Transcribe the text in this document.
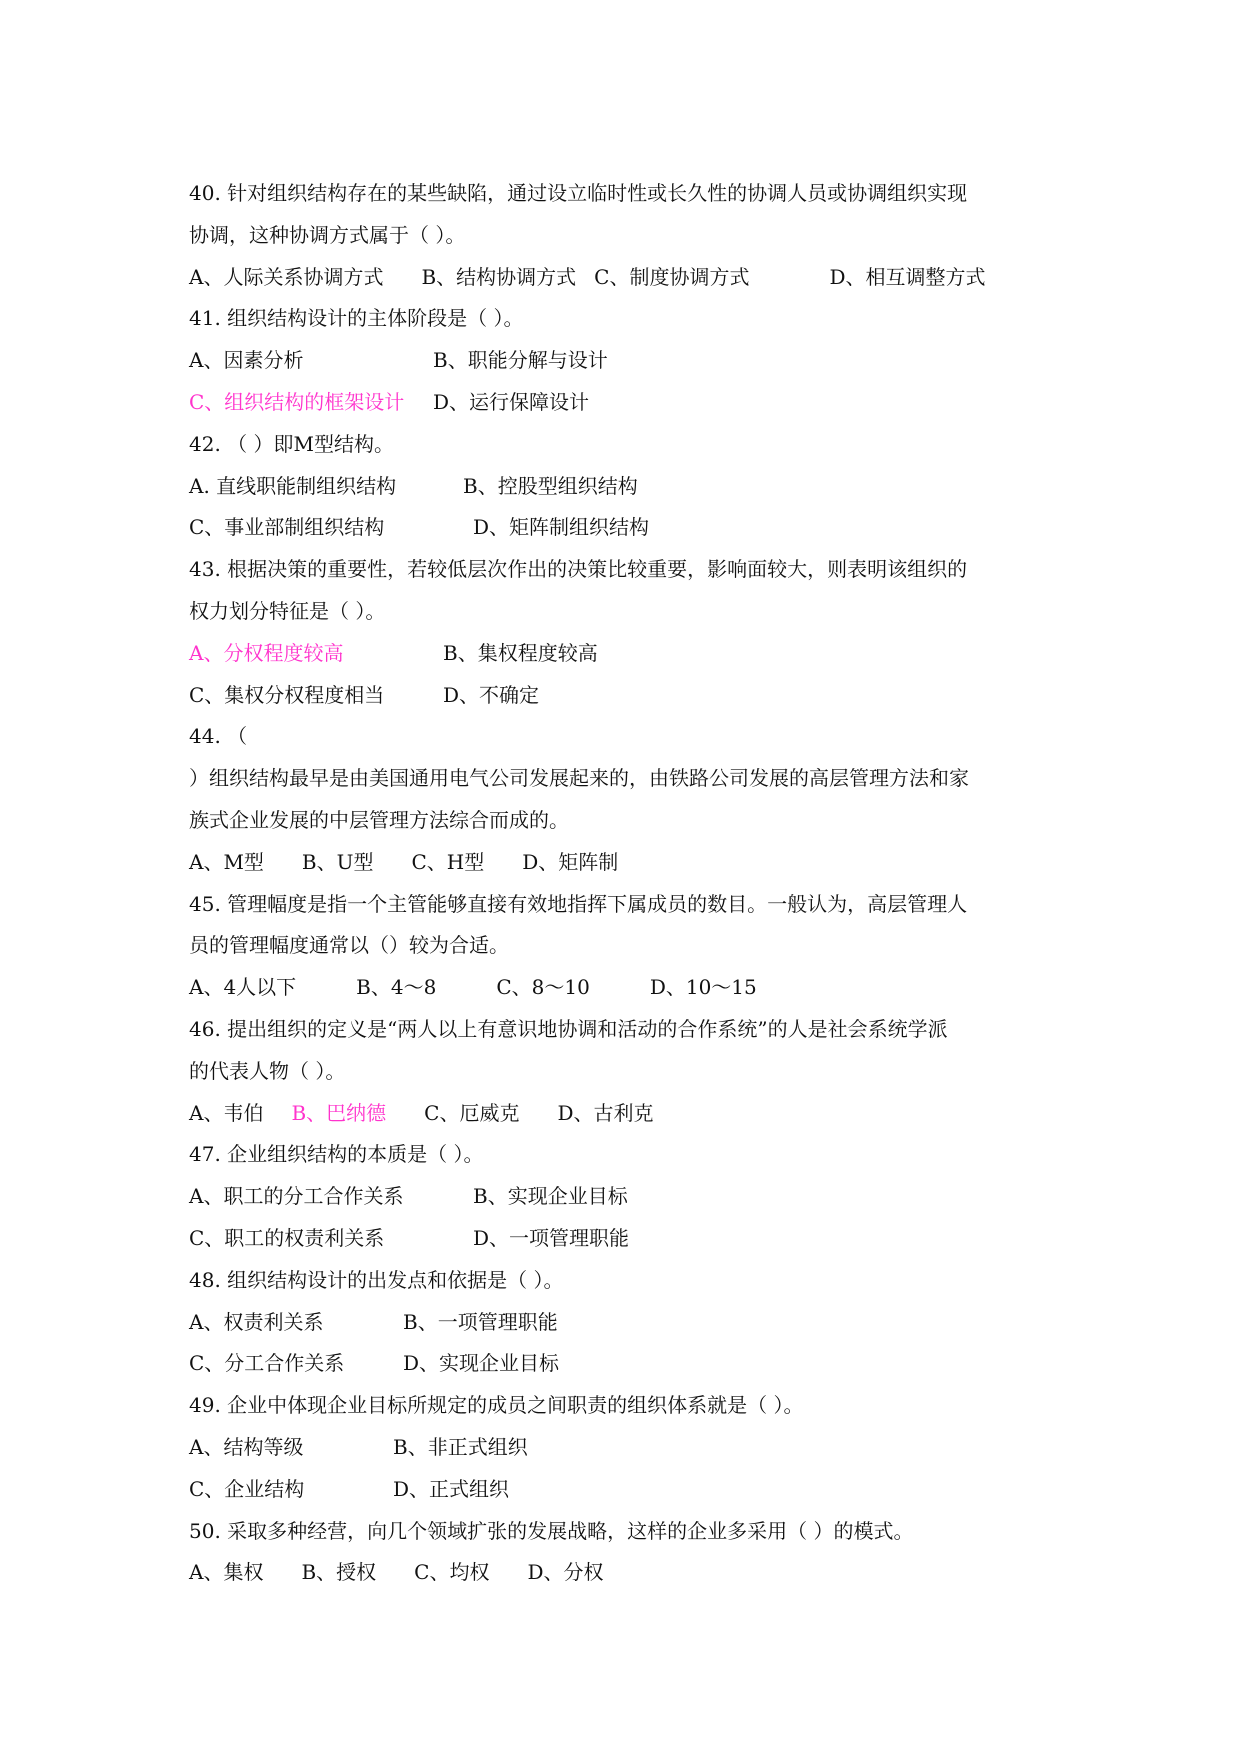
40. 针对组织结构存在的某些缺陷，通过设立临时性或长久性的协调人员或协调组织实现
协调，这种协调方式属于（ ）。
A、人际关系协调方式 B、结构协调方式 C、制度协调方式	D、相互调整方式
41. 组织结构设计的主体阶段是（ ）。
A、因素分析	B、职能分解与设计
C、组织结构的框架设计 D、运行保障设计
42. （ ）即M型结构。
A. 直线职能制组织结构	B、控股型组织结构
C、事业部制组织结构	D、矩阵制组织结构
43. 根据决策的重要性，若较低层次作出的决策比较重要，影响面较大，则表明该组织的
权力划分特征是（ ）。
A、分权程度较高	B、集权程度较高
C、集权分权程度相当	D、不确定
44. （
）组织结构最早是由美国通用电气公司发展起来的，由铁路公司发展的高层管理方法和家
族式企业发展的中层管理方法综合而成的。
A、M型 B、U型 C、H型 D、矩阵制
45. 管理幅度是指一个主管能够直接有效地指挥下属成员的数目。一般认为，高层管理人
员的管理幅度通常以（）较为合适。
A、4人以下	B、4～8	C、8～10	D、10～15
46. 提出组织的定义是“两人以上有意识地协调和活动的合作系统”的人是社会系统学派
的代表人物（ ）。
A、韦伯 B、巴纳德 C、厄威克 D、古利克
47. 企业组织结构的本质是（ ）。
A、职工的分工合作关系	B、实现企业目标
C、职工的权责利关系	D、一项管理职能
48. 组织结构设计的出发点和依据是（ ）。
A、权责利关系	B、一项管理职能
C、分工合作关系	D、实现企业目标
49. 企业中体现企业目标所规定的成员之间职责的组织体系就是（ ）。
A、结构等级	B、非正式组织
C、企业结构	D、正式组织
50. 采取多种经营，向几个领域扩张的发展战略，这样的企业多采用（ ）的模式。
A、集权 B、授权 C、均权 D、分权
